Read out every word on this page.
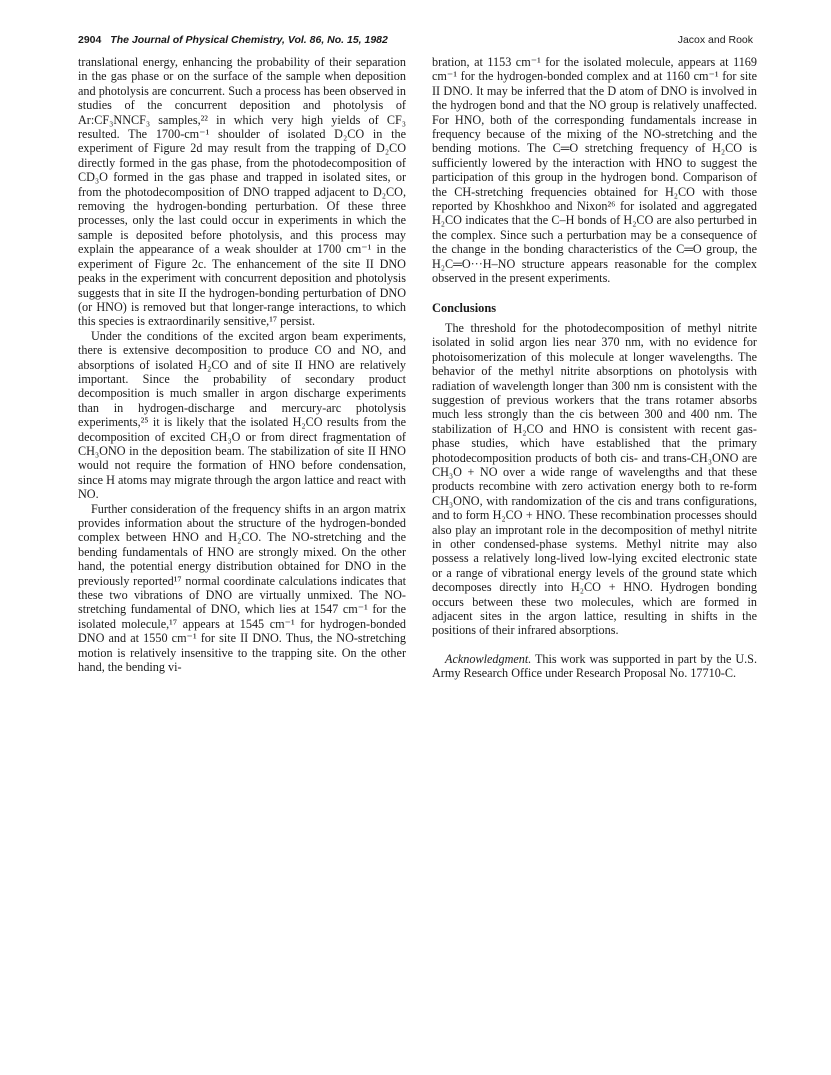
2904 The Journal of Physical Chemistry, Vol. 86, No. 15, 1982	Jacox and Rook

translational energy, enhancing the probability of their separation in the gas phase or on the surface of the sample when deposition and photolysis are concurrent. Such a process has been observed in studies of the concurrent deposition and photolysis of Ar:CF₃NNCF₃ samples,²² in which very high yields of CF₃ resulted. The 1700-cm⁻¹ shoulder of isolated D₂CO in the experiment of Figure 2d may result from the trapping of D₂CO directly formed in the gas phase, from the photodecomposition of CD₃O formed in the gas phase and trapped in isolated sites, or from the photodecomposition of DNO trapped adjacent to D₂CO, removing the hydrogen-bonding perturbation. Of these three processes, only the last could occur in experiments in which the sample is deposited before photolysis, and this process may explain the appearance of a weak shoulder at 1700 cm⁻¹ in the experiment of Figure 2c. The enhancement of the site II DNO peaks in the experiment with concurrent deposition and photolysis suggests that in site II the hydrogen-bonding perturbation of DNO (or HNO) is removed but that longer-range interactions, to which this species is extraordinarily sensitive,¹⁷ persist.

Under the conditions of the excited argon beam experiments, there is extensive decomposition to produce CO and NO, and absorptions of isolated H₂CO and of site II HNO are relatively important. Since the probability of secondary product decomposition is much smaller in argon discharge experiments than in hydrogen-discharge and mercury-arc photolysis experiments,²⁵ it is likely that the isolated H₂CO results from the decomposition of excited CH₃O or from direct fragmentation of CH₃ONO in the deposition beam. The stabilization of site II HNO would not require the formation of HNO before condensation, since H atoms may migrate through the argon lattice and react with NO.

Further consideration of the frequency shifts in an argon matrix provides information about the structure of the hydrogen-bonded complex between HNO and H₂CO. The NO-stretching and the bending fundamentals of HNO are strongly mixed. On the other hand, the potential energy distribution obtained for DNO in the previously reported¹⁷ normal coordinate calculations indicates that these two vibrations of DNO are virtually unmixed. The NO-stretching fundamental of DNO, which lies at 1547 cm⁻¹ for the isolated molecule,¹⁷ appears at 1545 cm⁻¹ for hydrogen-bonded DNO and at 1550 cm⁻¹ for site II DNO. Thus, the NO-stretching motion is relatively insensitive to the trapping site. On the other hand, the bending vi-

bration, at 1153 cm⁻¹ for the isolated molecule, appears at 1169 cm⁻¹ for the hydrogen-bonded complex and at 1160 cm⁻¹ for site II DNO. It may be inferred that the D atom of DNO is involved in the hydrogen bond and that the NO group is relatively unaffected. For HNO, both of the corresponding fundamentals increase in frequency because of the mixing of the NO-stretching and the bending motions. The C═O stretching frequency of H₂CO is sufficiently lowered by the interaction with HNO to suggest the participation of this group in the hydrogen bond. Comparison of the CH-stretching frequencies obtained for H₂CO with those reported by Khoshkhoo and Nixon²⁶ for isolated and aggregated H₂CO indicates that the C–H bonds of H₂CO are also perturbed in the complex. Since such a perturbation may be a consequence of the change in the bonding characteristics of the C═O group, the H₂C═O···H–NO structure appears reasonable for the complex observed in the present experiments.

Conclusions

The threshold for the photodecomposition of methyl nitrite isolated in solid argon lies near 370 nm, with no evidence for photoisomerization of this molecule at longer wavelengths. The behavior of the methyl nitrite absorptions on photolysis with radiation of wavelength longer than 300 nm is consistent with the suggestion of previous workers that the trans rotamer absorbs much less strongly than the cis between 300 and 400 nm. The stabilization of H₂CO and HNO is consistent with recent gas-phase studies, which have established that the primary photodecomposition products of both cis- and trans-CH₃ONO are CH₃O + NO over a wide range of wavelengths and that these products recombine with zero activation energy both to re-form CH₃ONO, with randomization of the cis and trans configurations, and to form H₂CO + HNO. These recombination processes should also play an improtant role in the decomposition of methyl nitrite in other condensed-phase systems. Methyl nitrite may also possess a relatively long-lived low-lying excited electronic state or a range of vibrational energy levels of the ground state which decomposes directly into H₂CO + HNO. Hydrogen bonding occurs between these two molecules, which are formed in adjacent sites in the argon lattice, resulting in shifts in the positions of their infrared absorptions.

Acknowledgment. This work was supported in part by the U.S. Army Research Office under Research Proposal No. 17710-C.
